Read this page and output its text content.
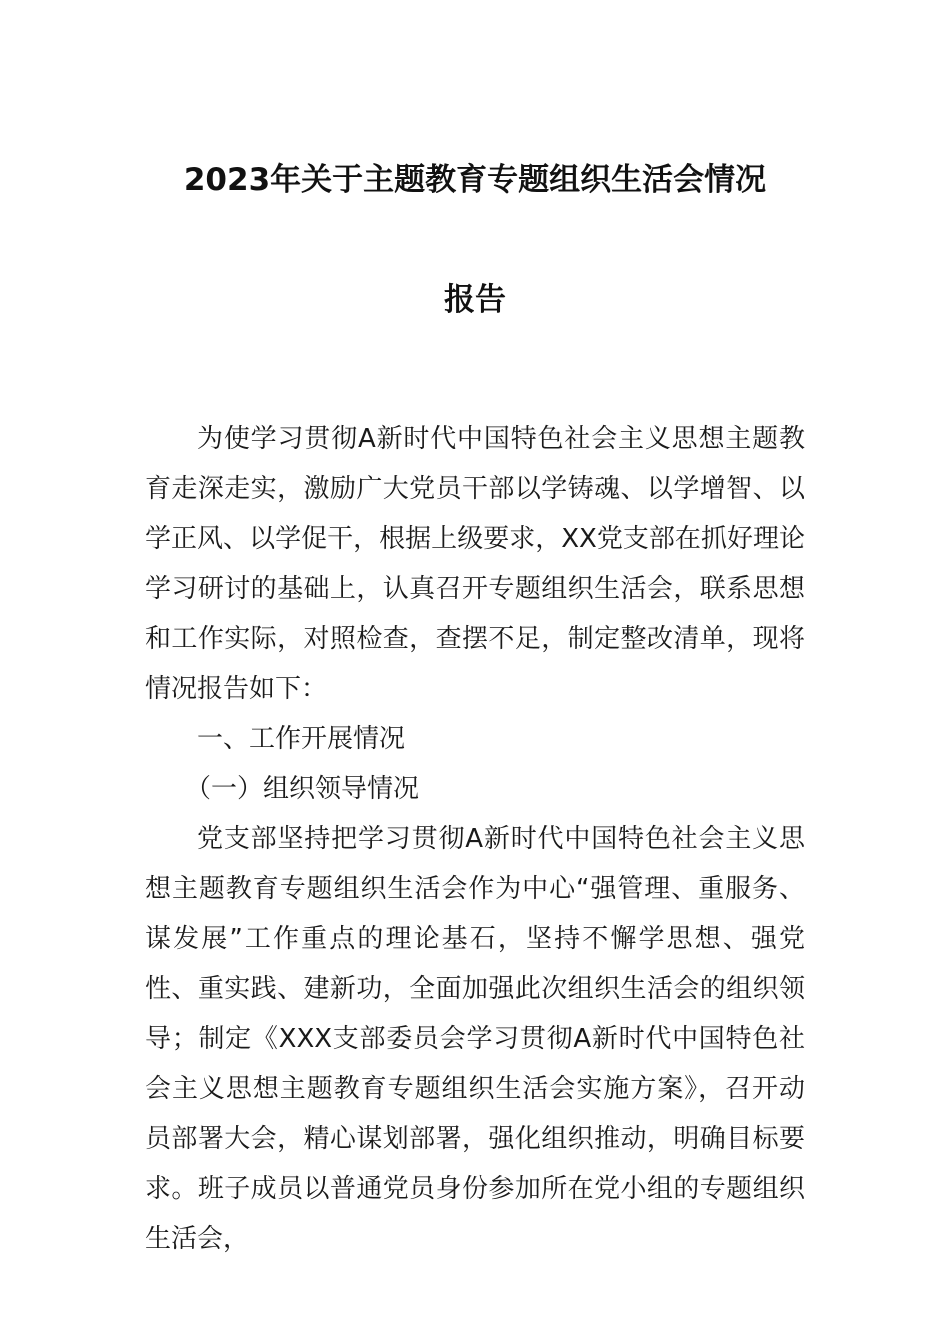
2023年关于主题教育专题组织生活会情况
报告

为使学习贯彻A新时代中国特色社会主义思想主题教育走深走实，激励广大党员干部以学铸魂、以学增智、以学正风、以学促干，根据上级要求，XX党支部在抓好理论学习研讨的基础上，认真召开专题组织生活会，联系思想和工作实际，对照检查，查摆不足，制定整改清单，现将情况报告如下：

一、工作开展情况

（一）组织领导情况

党支部坚持把学习贯彻A新时代中国特色社会主义思想主题教育专题组织生活会作为中心“强管理、重服务、谋发展”工作重点的理论基石，坚持不懈学思想、强党性、重实践、建新功，全面加强此次组织生活会的组织领导；制定《XXX支部委员会学习贯彻A新时代中国特色社会主义思想主题教育专题组织生活会实施方案》，召开动员部署大会，精心谋划部署，强化组织推动，明确目标要求。班子成员以普通党员身份参加所在党小组的专题组织生活会，
